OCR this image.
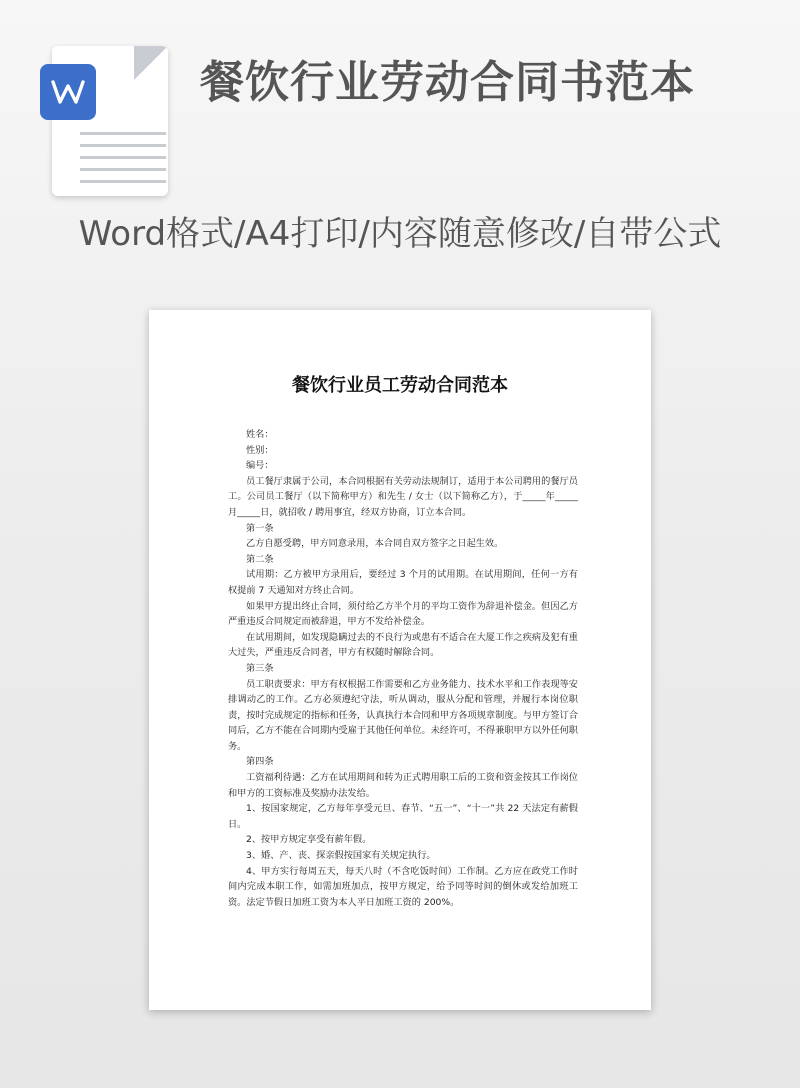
餐饮行业劳动合同书范本
Word格式/A4打印/内容随意修改/自带公式
餐饮行业员工劳动合同范本

姓名：

性别：

编号：

员工餐厅隶属于公司，本合同根据有关劳动法规制订，适用于本公司聘用的餐厅员工。公司员工餐厅（以下简称甲方）和先生 / 女士（以下简称乙方），于_____年_____月_____日，就招收 / 聘用事宜，经双方协商，订立本合同。

第一条

乙方自愿受聘，甲方同意录用，本合同自双方签字之日起生效。

第二条

试用期：乙方被甲方录用后，要经过 3 个月的试用期。在试用期间，任何一方有权提前 7 天通知对方终止合同。

如果甲方提出终止合同，须付给乙方半个月的平均工资作为辞退补偿金。但因乙方严重违反合同规定而被辞退，甲方不发给补偿金。

在试用期间，如发现隐瞒过去的不良行为或患有不适合在大厦工作之疾病及犯有重大过失，严重违反合同者，甲方有权随时解除合同。

第三条

员工职责要求：甲方有权根据工作需要和乙方业务能力、技术水平和工作表现等安排调动乙的工作。乙方必须遵纪守法，听从调动，服从分配和管理，并履行本岗位职责，按时完成规定的指标和任务，认真执行本合同和甲方各项规章制度。与甲方签订合同后，乙方不能在合同期内受雇于其他任何单位。未经许可，不得兼职甲方以外任何职务。

第四条

工资福利待遇：乙方在试用期间和转为正式聘用职工后的工资和资金按其工作岗位和甲方的工资标准及奖励办法发给。

1、按国家规定，乙方每年享受元旦、春节、“五一”、“十一”共 22 天法定有薪假日。

2、按甲方规定享受有薪年假。

3、婚、产、丧、探亲假按国家有关规定执行。

4、甲方实行每周五天，每天八时（不含吃饭时间）工作制。乙方应在政党工作时间内完成本职工作，如需加班加点，按甲方规定，给予同等时间的倒休或发给加班工资。法定节假日加班工资为本人平日加班工资的 200%。
